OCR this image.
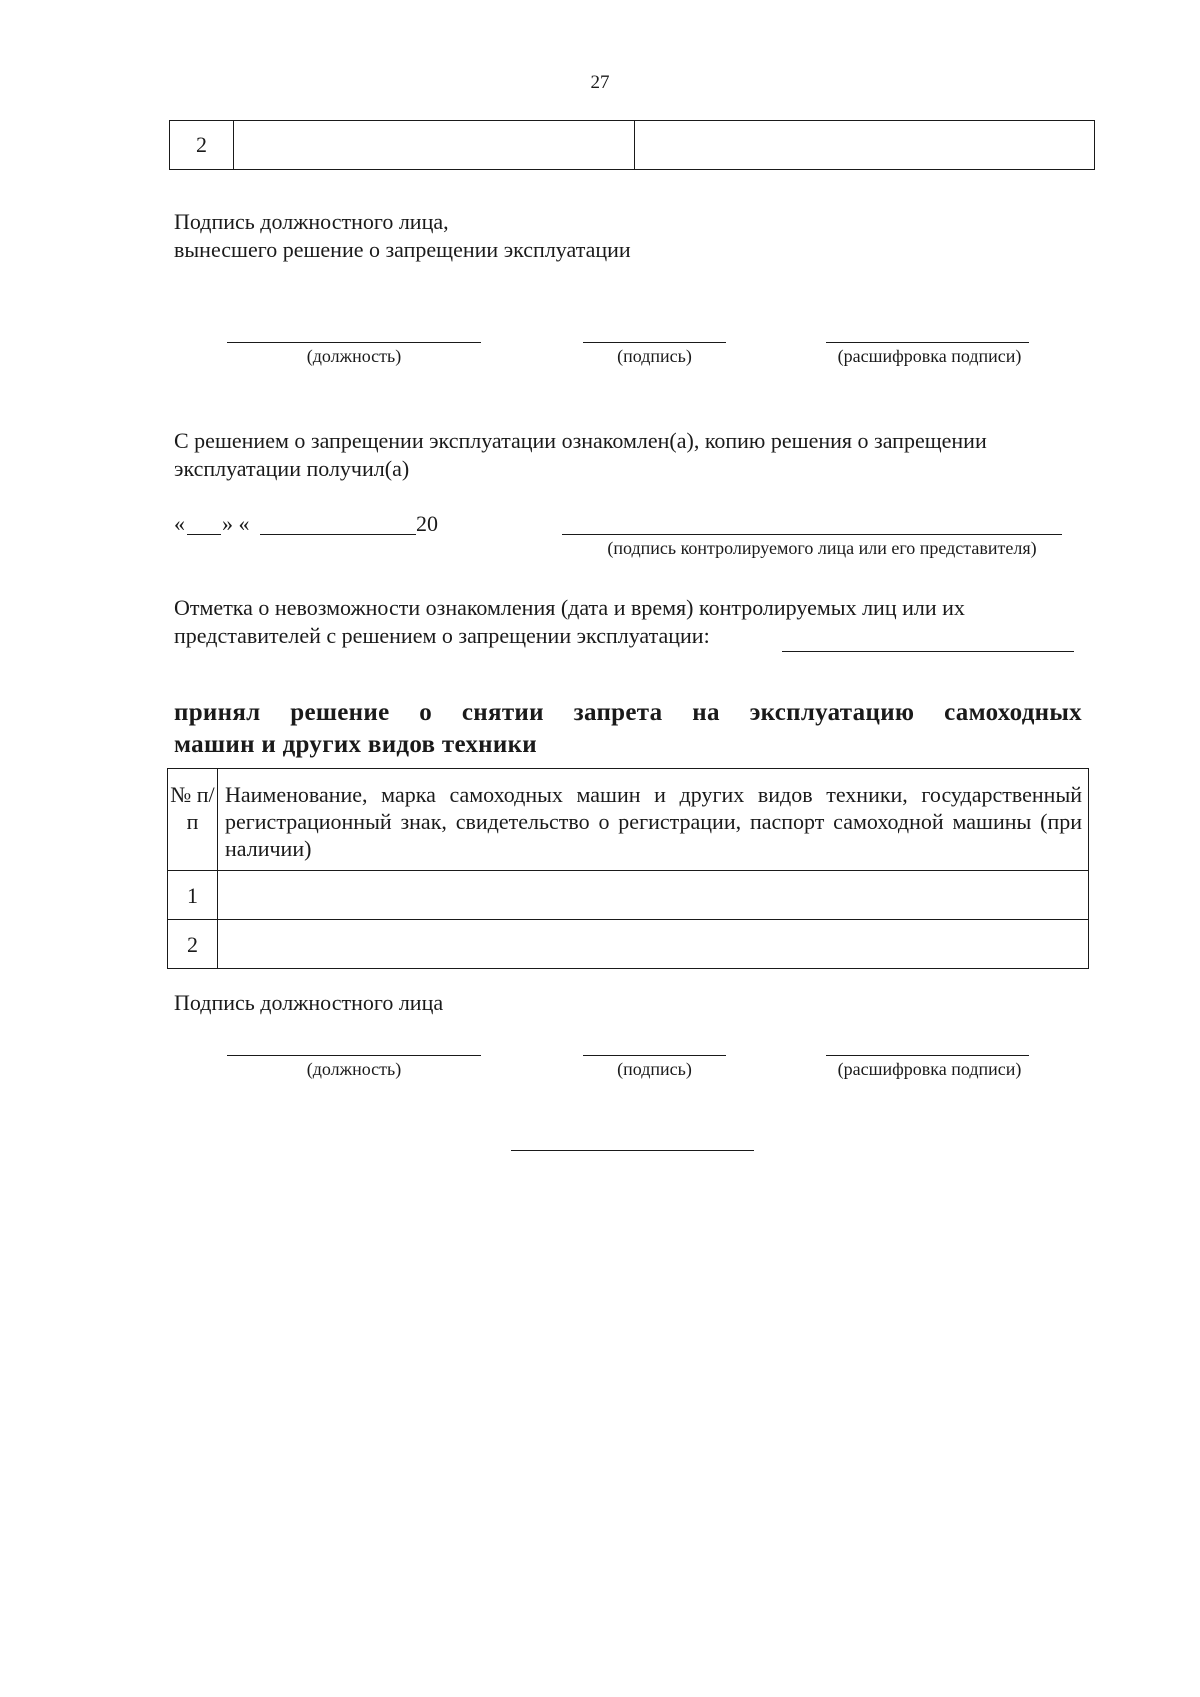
27
2		
Подпись должностного лица,
вынесшего решение о запрещении эксплуатации
(должность)	(подпись)	(расшифровка подписи)
С решением о запрещении эксплуатации ознакомлен(а), копию решения о запрещении
эксплуатации получил(а)
« » «	20
(подпись контролируемого лица или его представителя)
Отметка о невозможности ознакомления (дата и время) контролируемых лиц или их
представителей с решением о запрещении эксплуатации:
принял решение о снятии запрета на эксплуатацию самоходных
машин и других видов техники
№ п/п	Наименование, марка самоходных машин и других видов техники, государственный регистрационный знак, свидетельство о регистрации, паспорт самоходной машины (при наличии)
1	
2	
Подпись должностного лица
(должность)	(подпись)	(расшифровка подписи)
